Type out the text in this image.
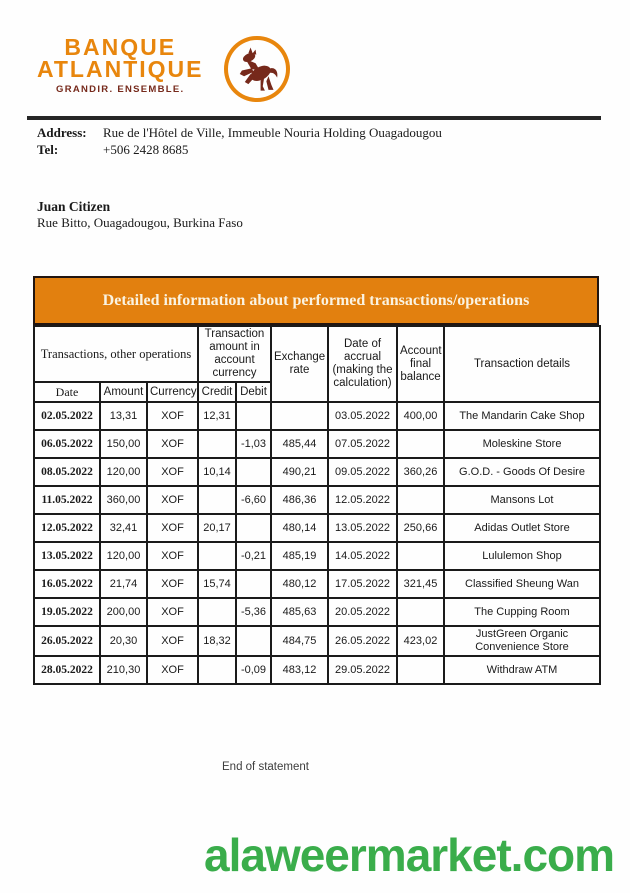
BANQUE
ATLANTIQUE
GRANDIR. ENSEMBLE.
Address:	Rue de l'Hôtel de Ville, Immeuble Nouria Holding Ouagadougou
Tel:	+506 2428 8685
Juan Citizen
Rue Bitto, Ouagadougou, Burkina Faso
Detailed information about performed transactions/operations
Transactions, other operations			Transaction amount in account currency		Exchange rate	Date of accrual (making the calculation)	Account final balance	Transaction details
Date	Amount	Currency	Credit	Debit				
02.05.2022	13,31	XOF	12,31			03.05.2022	400,00	The Mandarin Cake Shop
06.05.2022	150,00	XOF		-1,03	485,44	07.05.2022		Moleskine Store
08.05.2022	120,00	XOF	10,14		490,21	09.05.2022	360,26	G.O.D. - Goods Of Desire
11.05.2022	360,00	XOF		-6,60	486,36	12.05.2022		Mansons Lot
12.05.2022	32,41	XOF	20,17		480,14	13.05.2022	250,66	Adidas Outlet Store
13.05.2022	120,00	XOF		-0,21	485,19	14.05.2022		Lululemon Shop
16.05.2022	21,74	XOF	15,74		480,12	17.05.2022	321,45	Classified Sheung Wan
19.05.2022	200,00	XOF		-5,36	485,63	20.05.2022		The Cupping Room
26.05.2022	20,30	XOF	18,32		484,75	26.05.2022	423,02	JustGreen Organic Convenience Store
28.05.2022	210,30	XOF		-0,09	483,12	29.05.2022		Withdraw ATM
End of statement
alaweermarket.com
